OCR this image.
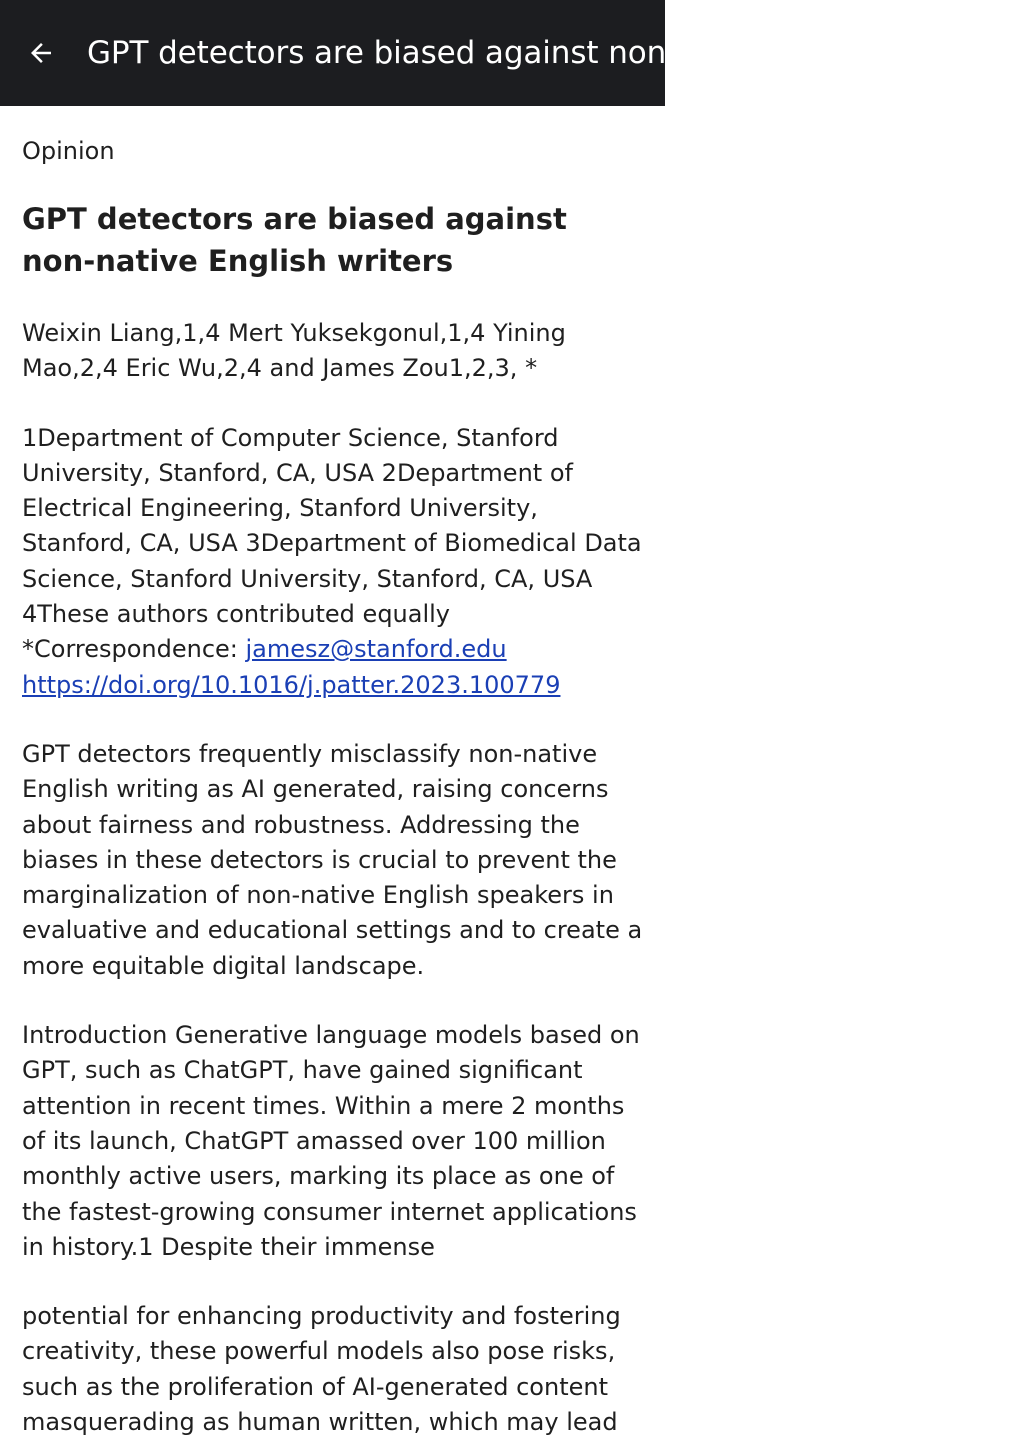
GPT detectors are biased against non-native English writers
Opinion
GPT detectors are biased against non-native English writers
Weixin Liang,1,4 Mert Yuksekgonul,1,4 Yining Mao,2,4 Eric Wu,2,4 and James Zou1,2,3, *
1Department of Computer Science, Stanford University, Stanford, CA, USA 2Department of Electrical Engineering, Stanford University, Stanford, CA, USA 3Department of Biomedical Data Science, Stanford University, Stanford, CA, USA 4These authors contributed equally *Correspondence: jamesz@stanford.edu https://doi.org/10.1016/j.patter.2023.100779
GPT detectors frequently misclassify non-native English writing as AI generated, raising concerns about fairness and robustness. Addressing the biases in these detectors is crucial to prevent the marginalization of non-native English speakers in evaluative and educational settings and to create a more equitable digital landscape.
Introduction Generative language models based on GPT, such as ChatGPT, have gained significant attention in recent times. Within a mere 2 months of its launch, ChatGPT amassed over 100 million monthly active users, marking its place as one of the fastest-growing consumer internet applications in history.1 Despite their immense
potential for enhancing productivity and fostering creativity, these powerful models also pose risks, such as the proliferation of AI-generated content masquerading as human written, which may lead
